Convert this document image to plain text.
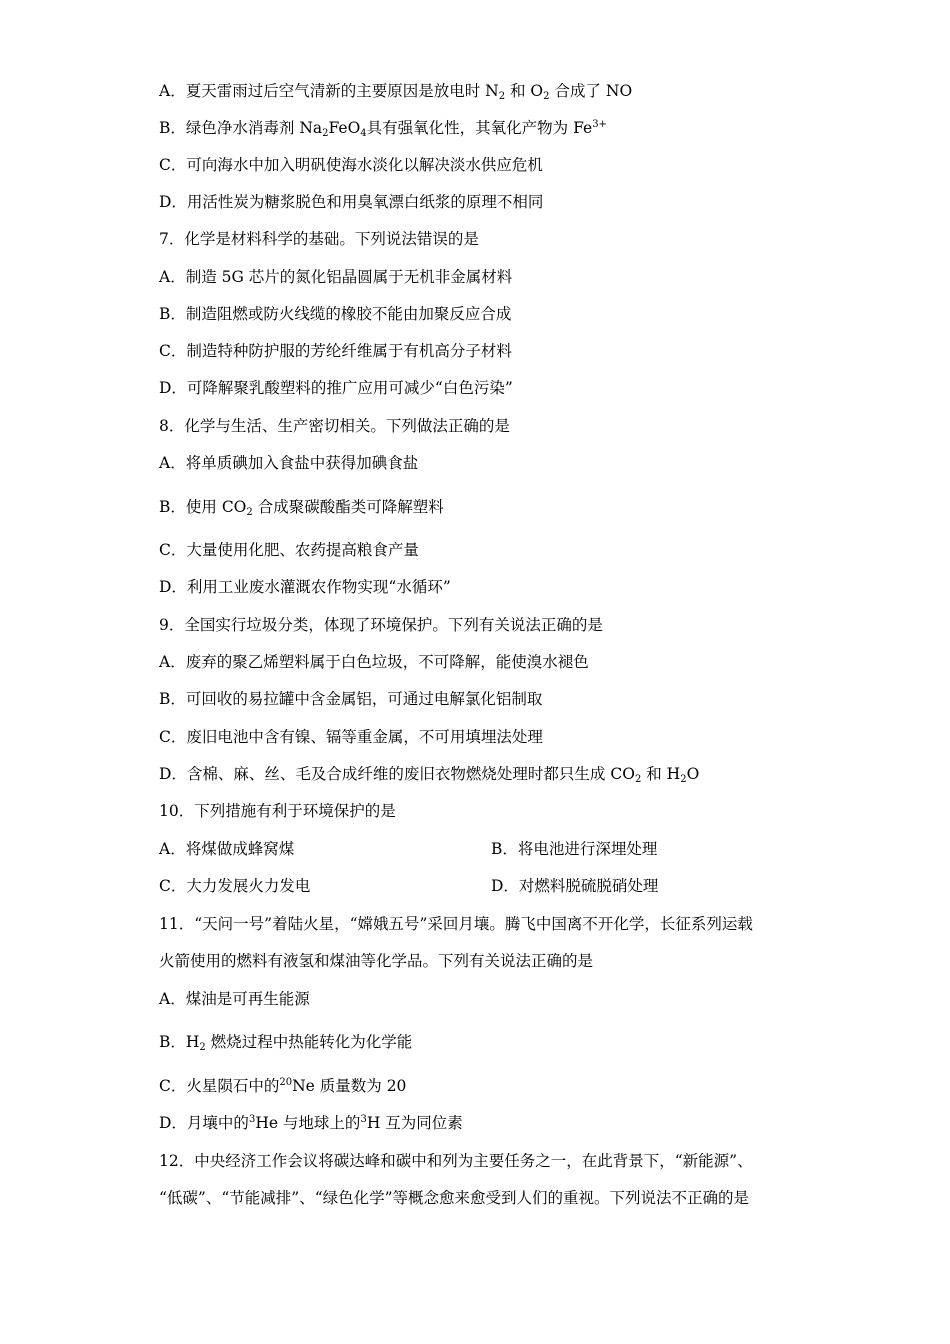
A．夏天雷雨过后空气清新的主要原因是放电时 $N_2$ 和 $O_2$ 合成了 NO
B．绿色净水消毒剂 $Na_2FeO_4$具有强氧化性，其氧化产物为 $Fe^{3+}$
C．可向海水中加入明矾使海水淡化以解决淡水供应危机
D．用活性炭为糖浆脱色和用臭氧漂白纸浆的原理不相同
7．化学是材料科学的基础。下列说法错误的是
A．制造 5G 芯片的氮化铝晶圆属于无机非金属材料
B．制造阻燃或防火线缆的橡胶不能由加聚反应合成
C．制造特种防护服的芳纶纤维属于有机高分子材料
D．可降解聚乳酸塑料的推广应用可减少“白色污染”
8．化学与生活、生产密切相关。下列做法正确的是
A．将单质碘加入食盐中获得加碘食盐
B．使用 $CO_2$ 合成聚碳酸酯类可降解塑料
C．大量使用化肥、农药提高粮食产量
D．利用工业废水灌溉农作物实现“水循环”
9．全国实行垃圾分类，体现了环境保护。下列有关说法正确的是
A．废弃的聚乙烯塑料属于白色垃圾，不可降解，能使溴水褪色
B．可回收的易拉罐中含金属铝，可通过电解氯化铝制取
C．废旧电池中含有镍、镉等重金属，不可用填埋法处理
D．含棉、麻、丝、毛及合成纤维的废旧衣物燃烧处理时都只生成 $CO_2$ 和 $H_2O$
10．下列措施有利于环境保护的是
A．将煤做成蜂窝煤	B．将电池进行深埋处理
C．大力发展火力发电	D．对燃料脱硫脱硝处理
11．“天问一号”着陆火星，“嫦娥五号”采回月壤。腾飞中国离不开化学，长征系列运载
火箭使用的燃料有液氢和煤油等化学品。下列有关说法正确的是
A．煤油是可再生能源
B．$H_2$ 燃烧过程中热能转化为化学能
C．火星陨石中的$^{20}$Ne 质量数为 20
D．月壤中的$^3$He 与地球上的$^3$H 互为同位素
12．中央经济工作会议将碳达峰和碳中和列为主要任务之一，在此背景下，“新能源”、
“低碳”、“节能减排”、“绿色化学”等概念愈来愈受到人们的重视。下列说法不正确的是
